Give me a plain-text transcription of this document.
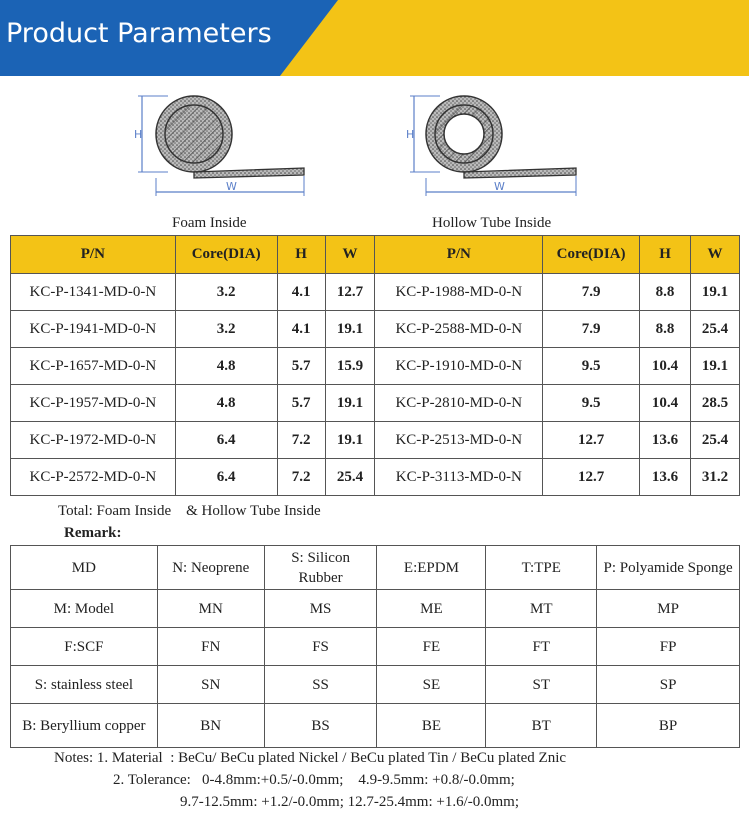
Product Parameters
H
W
Foam Inside
H
W
Hollow Tube Inside
P/N	Core(DIA)	H	W	P/N	Core(DIA)	H	W
KC-P-1341-MD-0-N	3.2	4.1	12.7	KC-P-1988-MD-0-N	7.9	8.8	19.1
KC-P-1941-MD-0-N	3.2	4.1	19.1	KC-P-2588-MD-0-N	7.9	8.8	25.4
KC-P-1657-MD-0-N	4.8	5.7	15.9	KC-P-1910-MD-0-N	9.5	10.4	19.1
KC-P-1957-MD-0-N	4.8	5.7	19.1	KC-P-2810-MD-0-N	9.5	10.4	28.5
KC-P-1972-MD-0-N	6.4	7.2	19.1	KC-P-2513-MD-0-N	12.7	13.6	25.4
KC-P-2572-MD-0-N	6.4	7.2	25.4	KC-P-3113-MD-0-N	12.7	13.6	31.2
Total: Foam Inside    & Hollow Tube Inside
Remark:
MD	N: Neoprene	S: Silicon Rubber	E:EPDM	T:TPE	P: Polyamide Sponge
M: Model	MN	MS	ME	MT	MP
F:SCF	FN	FS	FE	FT	FP
S: stainless steel	SN	SS	SE	ST	SP
B: Beryllium copper	BN	BS	BE	BT	BP
Notes: 1. Material  : BeCu/ BeCu plated Nickel / BeCu plated Tin / BeCu plated Znic
2. Tolerance:   0-4.8mm:+0.5/-0.0mm;    4.9-9.5mm: +0.8/-0.0mm;
9.7-12.5mm: +1.2/-0.0mm; 12.7-25.4mm: +1.6/-0.0mm;
